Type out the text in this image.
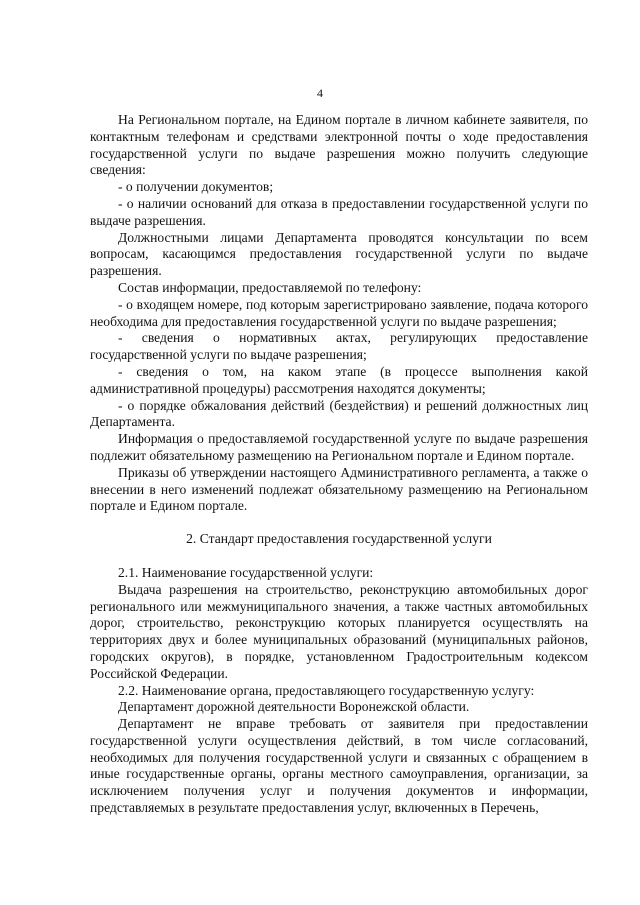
4

На Региональном портале, на Едином портале в личном кабинете заявителя, по контактным телефонам и средствами электронной почты о ходе предоставления государственной услуги по выдаче разрешения можно получить следующие сведения:

- о получении документов;

- о наличии оснований для отказа в предоставлении государственной услуги по выдаче разрешения.

Должностными лицами Департамента проводятся консультации по всем вопросам, касающимся предоставления государственной услуги по выдаче разрешения.

Состав информации, предоставляемой по телефону:

- о входящем номере, под которым зарегистрировано заявление, подача которого необходима для предоставления государственной услуги по выдаче разрешения;

- сведения о нормативных актах, регулирующих предоставление государственной услуги по выдаче разрешения;

- сведения о том, на каком этапе (в процессе выполнения какой административной процедуры) рассмотрения находятся документы;

- о порядке обжалования действий (бездействия) и решений должностных лиц Департамента.

Информация о предоставляемой государственной услуге по выдаче разрешения подлежит обязательному размещению на Региональном портале и Едином портале.

Приказы об утверждении настоящего Административного регламента, а также о внесении в него изменений подлежат обязательному размещению на Региональном портале и Едином портале.

2. Стандарт предоставления государственной услуги

2.1. Наименование государственной услуги:

Выдача разрешения на строительство, реконструкцию автомобильных дорог регионального или межмуниципального значения, а также частных автомобильных дорог, строительство, реконструкцию которых планируется осуществлять на территориях двух и более муниципальных образований (муниципальных районов, городских округов), в порядке, установленном Градостроительным кодексом Российской Федерации.

2.2. Наименование органа, предоставляющего государственную услугу:

Департамент дорожной деятельности Воронежской области.

Департамент не вправе требовать от заявителя при предоставлении государственной услуги осуществления действий, в том числе согласований, необходимых для получения государственной услуги и связанных с обращением в иные государственные органы, органы местного самоуправления, организации, за исключением получения услуг и получения документов и информации, представляемых в результате предоставления услуг, включенных в Перечень,
